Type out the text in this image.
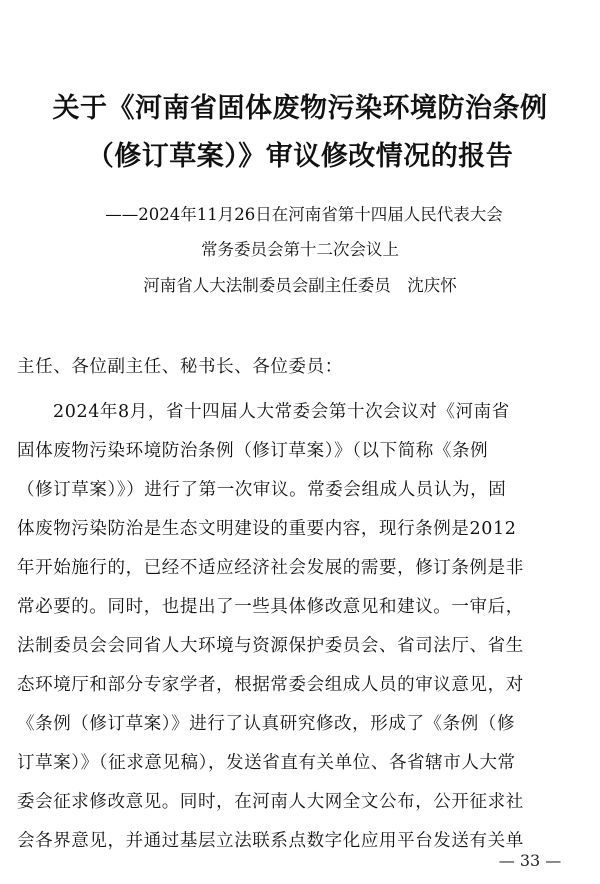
关于《河南省固体废物污染环境防治条例
（修订草案）》审议修改情况的报告
——2024年11月26日在河南省第十四届人民代表大会
常务委员会第十二次会议上
河南省人大法制委员会副主任委员　沈庆怀
主任、各位副主任、秘书长、各位委员：
2024年8月，省十四届人大常委会第十次会议对《河南省
固体废物污染环境防治条例（修订草案）》（以下简称《条例
（修订草案）》）进行了第一次审议。常委会组成人员认为，固
体废物污染防治是生态文明建设的重要内容，现行条例是2012
年开始施行的，已经不适应经济社会发展的需要，修订条例是非
常必要的。同时，也提出了一些具体修改意见和建议。一审后，
法制委员会会同省人大环境与资源保护委员会、省司法厅、省生
态环境厅和部分专家学者，根据常委会组成人员的审议意见，对
《条例（修订草案）》进行了认真研究修改，形成了《条例（修
订草案）》（征求意见稿），发送省直有关单位、各省辖市人大常
委会征求修改意见。同时，在河南人大网全文公布，公开征求社
会各界意见，并通过基层立法联系点数字化应用平台发送有关单
— 33 —
